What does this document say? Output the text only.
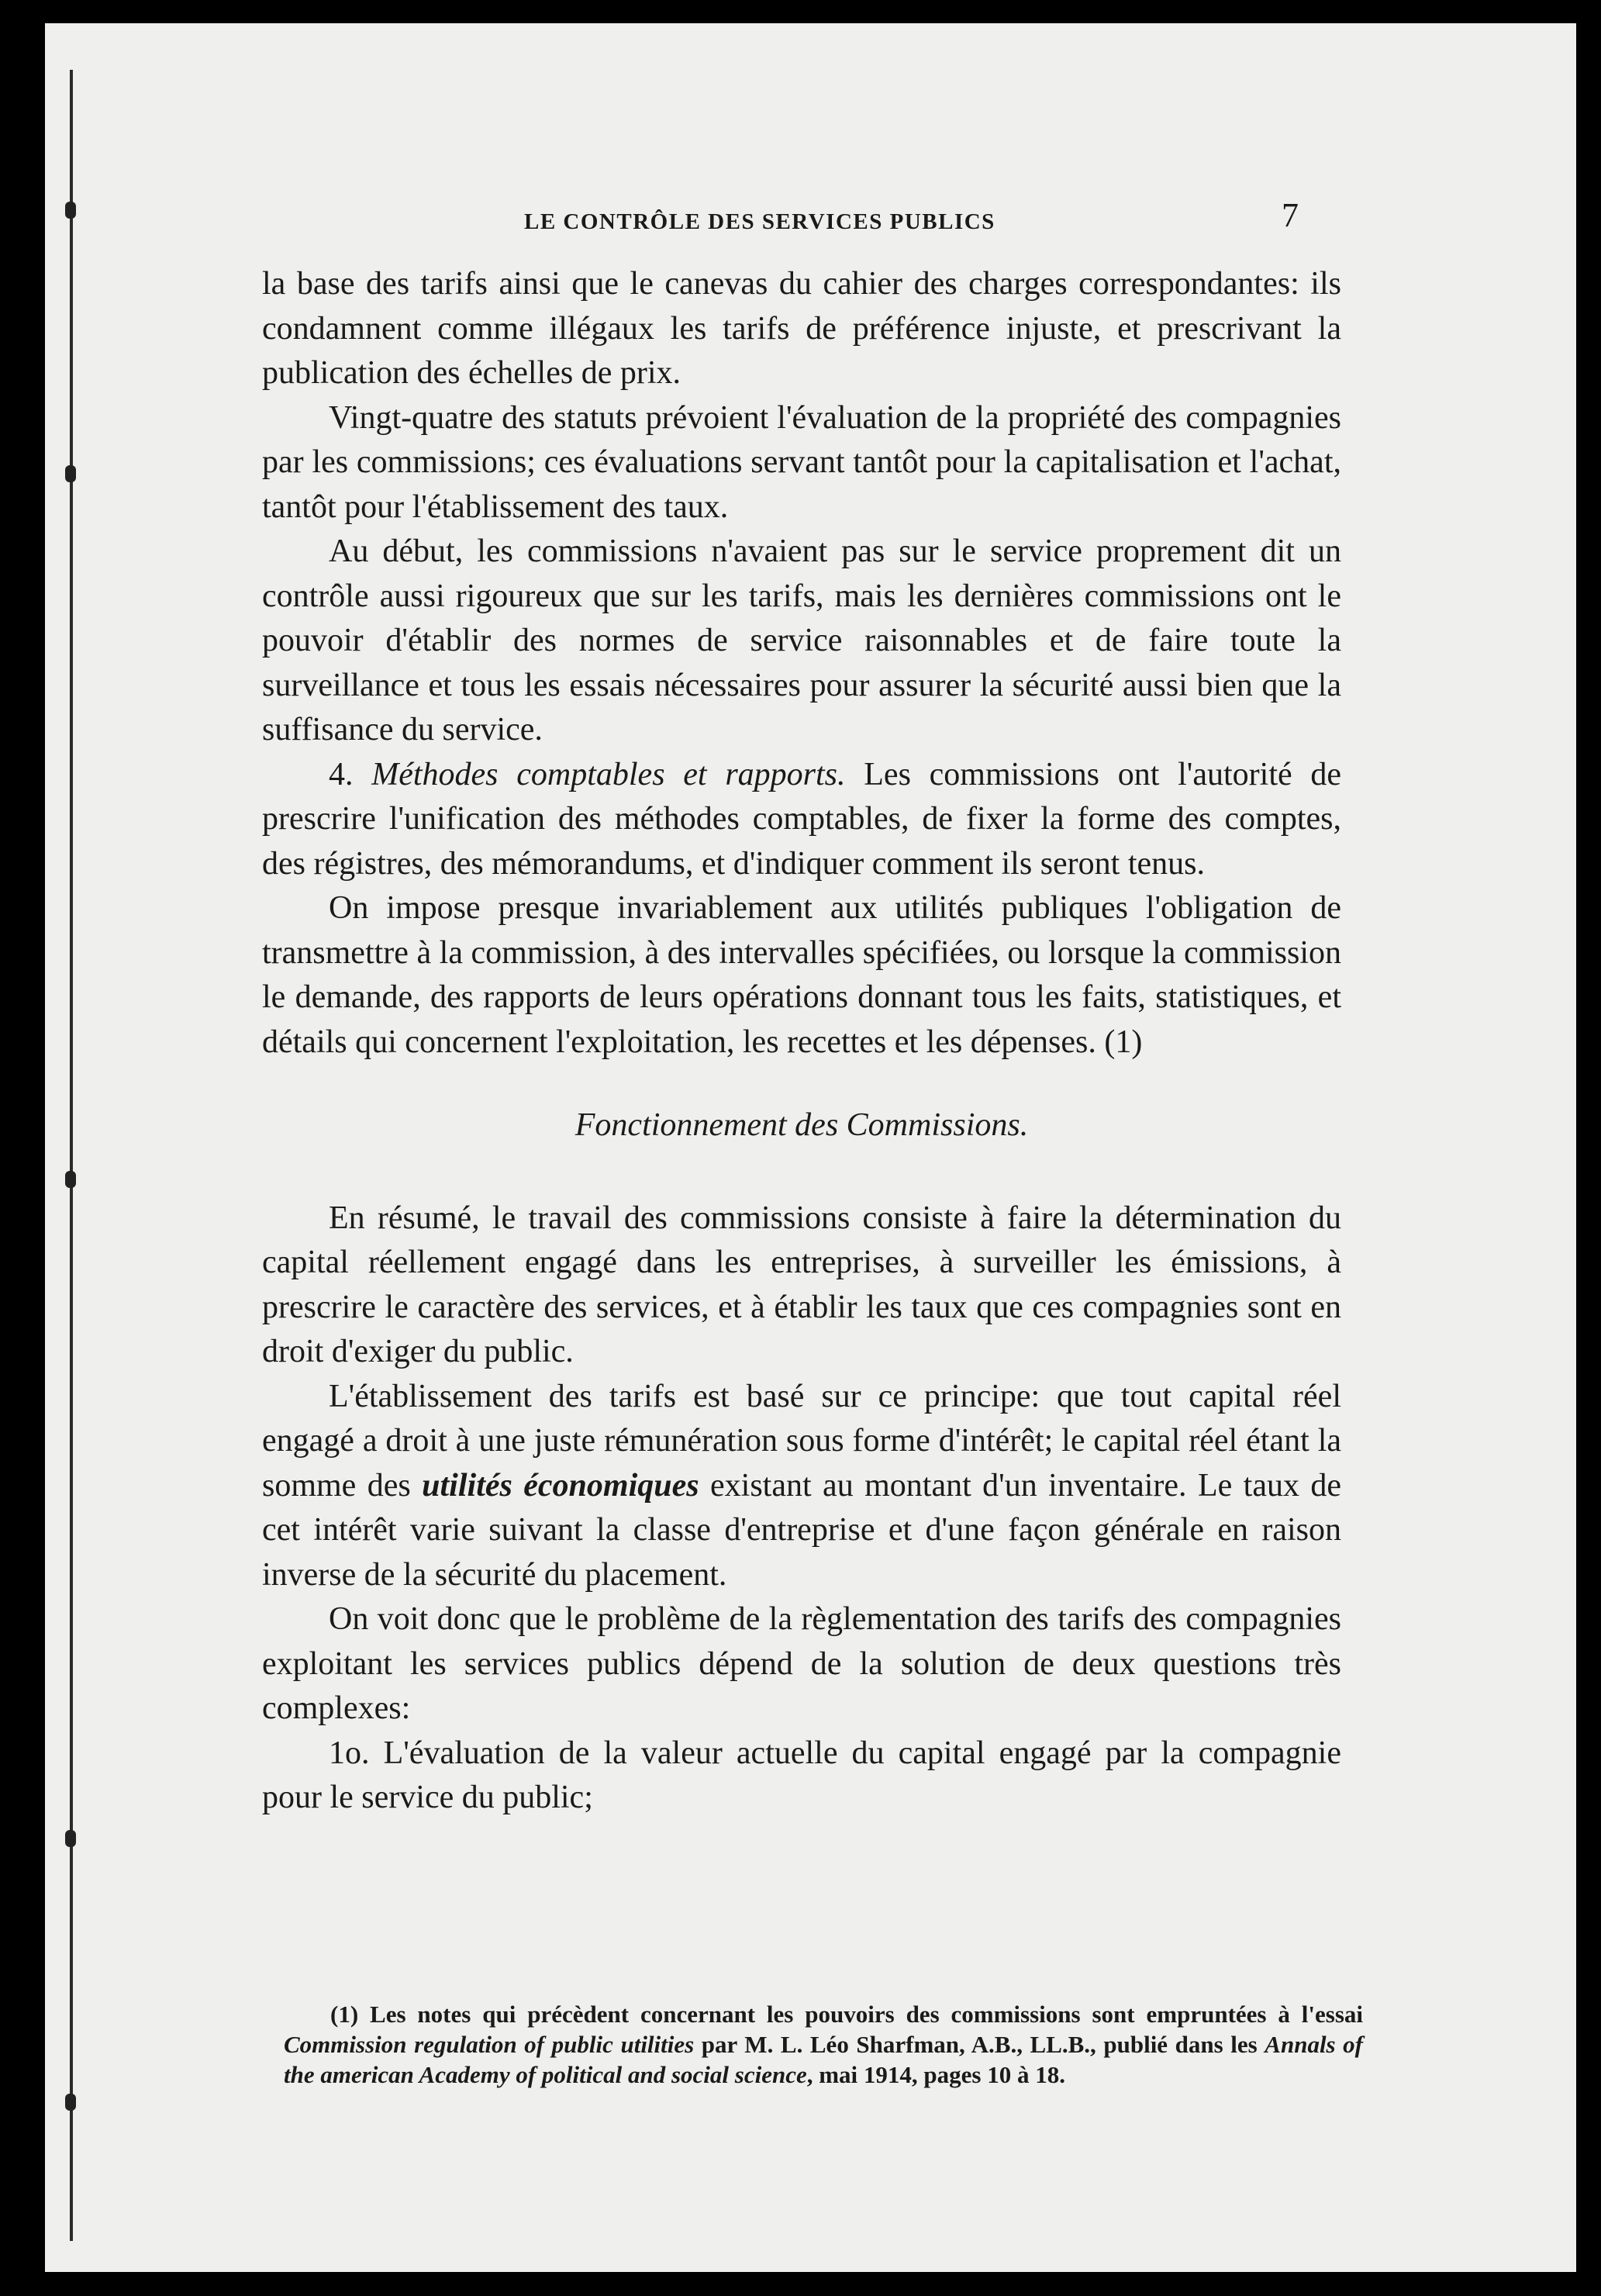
LE CONTRÔLE DES SERVICES PUBLICS	7

la base des tarifs ainsi que le canevas du cahier des charges correspondantes: ils condamnent comme illégaux les tarifs de préférence injuste, et prescrivant la publication des échelles de prix.

Vingt-quatre des statuts prévoient l'évaluation de la propriété des compagnies par les commissions; ces évaluations servant tantôt pour la capitalisation et l'achat, tantôt pour l'établissement des taux.

Au début, les commissions n'avaient pas sur le service proprement dit un contrôle aussi rigoureux que sur les tarifs, mais les dernières commissions ont le pouvoir d'établir des normes de service raisonnables et de faire toute la surveillance et tous les essais nécessaires pour assurer la sécurité aussi bien que la suffisance du service.

4. Méthodes comptables et rapports. Les commissions ont l'autorité de prescrire l'unification des méthodes comptables, de fixer la forme des comptes, des régistres, des mémorandums, et d'indiquer comment ils seront tenus.

On impose presque invariablement aux utilités publiques l'obligation de transmettre à la commission, à des intervalles spécifiées, ou lorsque la commission le demande, des rapports de leurs opérations donnant tous les faits, statistiques, et détails qui concernent l'exploitation, les recettes et les dépenses. (1)

Fonctionnement des Commissions.

En résumé, le travail des commissions consiste à faire la détermination du capital réellement engagé dans les entreprises, à surveiller les émissions, à prescrire le caractère des services, et à établir les taux que ces compagnies sont en droit d'exiger du public.

L'établissement des tarifs est basé sur ce principe: que tout capital réel engagé a droit à une juste rémunération sous forme d'intérêt; le capital réel étant la somme des utilités économiques existant au montant d'un inventaire. Le taux de cet intérêt varie suivant la classe d'entreprise et d'une façon générale en raison inverse de la sécurité du placement.

On voit donc que le problème de la règlementation des tarifs des compagnies exploitant les services publics dépend de la solution de deux questions très complexes:

1o. L'évaluation de la valeur actuelle du capital engagé par la compagnie pour le service du public;

(1) Les notes qui précèdent concernant les pouvoirs des commissions sont empruntées à l'essai Commission regulation of public utilities par M. L. Léo Sharfman, A.B., LL.B., publié dans les Annals of the american Academy of political and social science, mai 1914, pages 10 à 18.
